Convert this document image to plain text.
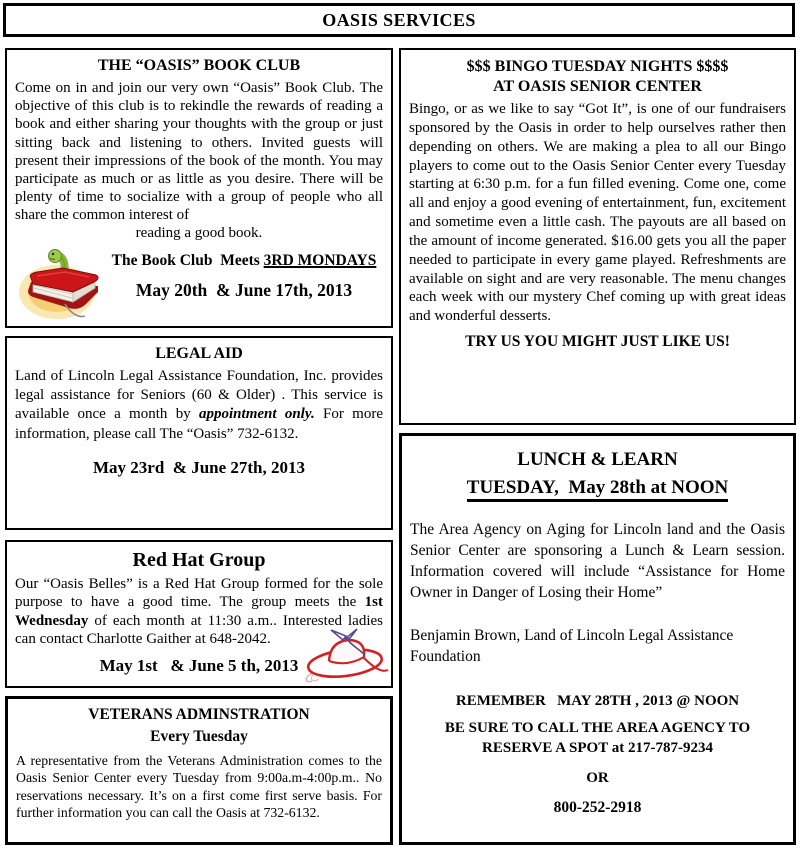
OASIS SERVICES
THE “OASIS” BOOK CLUB
Come on in and join our very own “Oasis” Book Club. The objective of this club is to rekindle the rewards of reading a book and either sharing your thoughts with the group or just sitting back and listening to others. Invited guests will present their impressions of the book of the month. You may participate as much or as little as you desire. There will be plenty of time to socialize with a group of people who all share the common interest of
reading a good book.
The Book Club  Meets 3RD MONDAYS
May 20th  & June 17th, 2013
LEGAL AID
Land of Lincoln Legal Assistance Foundation, Inc. provides legal assistance for Seniors (60 & Older) . This service is available once a month by appointment only. For more information, please call The “Oasis” 732-6132.
May 23rd  & June 27th, 2013
Red Hat Group
Our “Oasis Belles” is a Red Hat Group formed for the sole purpose to have a good time. The group meets the 1st Wednesday of each month at 11:30 a.m.. Interested ladies can contact Charlotte Gaither at 648-2042.
May 1st   & June 5 th, 2013
VETERANS ADMINSTRATION
Every Tuesday
A representative from the Veterans Administration comes to the Oasis Senior Center every Tuesday from 9:00a.m-4:00p.m.. No reservations necessary. It’s on a first come first serve basis. For further information you can call the Oasis at 732-6132.
$$$ BINGO TUESDAY NIGHTS $$$$
AT OASIS SENIOR CENTER
Bingo, or as we like to say “Got It”, is one of our fundraisers sponsored by the Oasis in order to help ourselves rather then depending on others. We are making a plea to all our Bingo players to come out to the Oasis Senior Center every Tuesday starting at 6:30 p.m. for a fun filled evening. Come one, come all and enjoy a good evening of entertainment, fun, excitement and sometime even a little cash. The payouts are all based on the amount of income generated. $16.00 gets you all the paper needed to participate in every game played. Refreshments are available on sight and are very reasonable. The menu changes each week with our mystery Chef coming up with great ideas and wonderful desserts.
TRY US YOU MIGHT JUST LIKE US!
LUNCH & LEARN
TUESDAY,  May 28th at NOON
The Area Agency on Aging for Lincoln land and the Oasis Senior Center are sponsoring a Lunch & Learn session. Information covered will include “Assistance for Home Owner in Danger of Losing their Home”
Benjamin Brown, Land of Lincoln Legal Assistance Foundation
REMEMBER   MAY 28TH , 2013 @ NOON
BE SURE TO CALL THE AREA AGENCY TO RESERVE A SPOT at 217-787-9234
OR
800-252-2918
